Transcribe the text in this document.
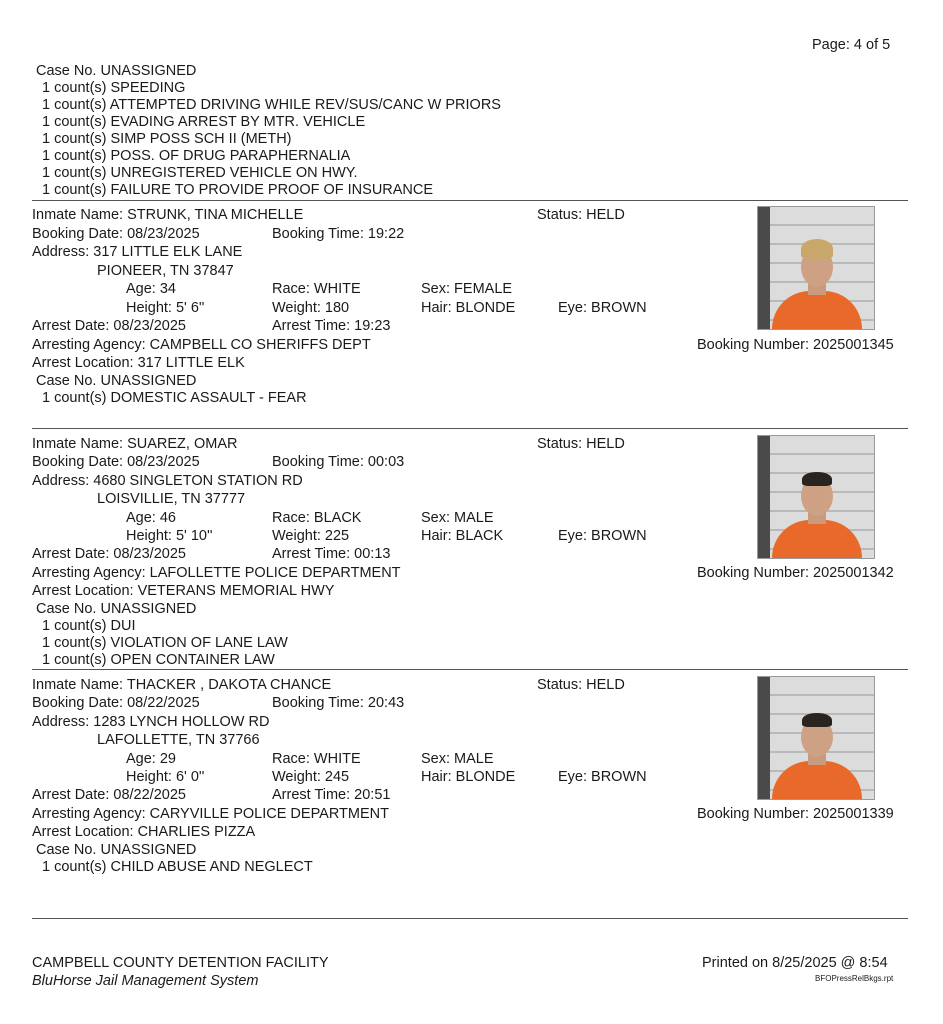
Page: 4 of 5
Case No. UNASSIGNED
1 count(s) SPEEDING
1 count(s) ATTEMPTED DRIVING WHILE REV/SUS/CANC W PRIORS
1 count(s) EVADING ARREST BY MTR. VEHICLE
1 count(s) SIMP POSS SCH II (METH)
1 count(s) POSS. OF DRUG PARAPHERNALIA
1 count(s) UNREGISTERED VEHICLE ON HWY.
1 count(s) FAILURE TO PROVIDE PROOF OF INSURANCE
Inmate Name: STRUNK, TINA MICHELLE	Status: HELD
Booking Date: 08/23/2025	Booking Time: 19:22
Address: 317 LITTLE ELK LANE
PIONEER, TN 37847
Age: 34	Race: WHITE	Sex: FEMALE
Height: 5' 6''	Weight: 180	Hair: BLONDE	Eye: BROWN
Arrest Date: 08/23/2025	Arrest Time: 19:23
Arresting Agency: CAMPBELL CO SHERIFFS DEPT	Booking Number: 2025001345
Arrest Location: 317 LITTLE ELK
Case No. UNASSIGNED
1 count(s) DOMESTIC ASSAULT - FEAR
Inmate Name: SUAREZ, OMAR	Status: HELD
Booking Date: 08/23/2025	Booking Time: 00:03
Address: 4680 SINGLETON STATION RD
LOISVILLIE, TN 37777
Age: 46	Race: BLACK	Sex: MALE
Height: 5' 10''	Weight: 225	Hair: BLACK	Eye: BROWN
Arrest Date: 08/23/2025	Arrest Time: 00:13
Arresting Agency: LAFOLLETTE POLICE DEPARTMENT	Booking Number: 2025001342
Arrest Location: VETERANS MEMORIAL HWY
Case No. UNASSIGNED
1 count(s) DUI
1 count(s) VIOLATION OF LANE LAW
1 count(s) OPEN CONTAINER LAW
Inmate Name: THACKER , DAKOTA CHANCE	Status: HELD
Booking Date: 08/22/2025	Booking Time: 20:43
Address: 1283 LYNCH HOLLOW RD
LAFOLLETTE, TN 37766
Age: 29	Race: WHITE	Sex: MALE
Height: 6' 0''	Weight: 245	Hair: BLONDE	Eye: BROWN
Arrest Date: 08/22/2025	Arrest Time: 20:51
Arresting Agency: CARYVILLE POLICE DEPARTMENT	Booking Number: 2025001339
Arrest Location: CHARLIES PIZZA
Case No. UNASSIGNED
1 count(s) CHILD ABUSE AND NEGLECT
CAMPBELL COUNTY DETENTION FACILITY
BluHorse Jail Management System
Printed on 8/25/2025 @ 8:54
BFOPressRelBkgs.rpt
